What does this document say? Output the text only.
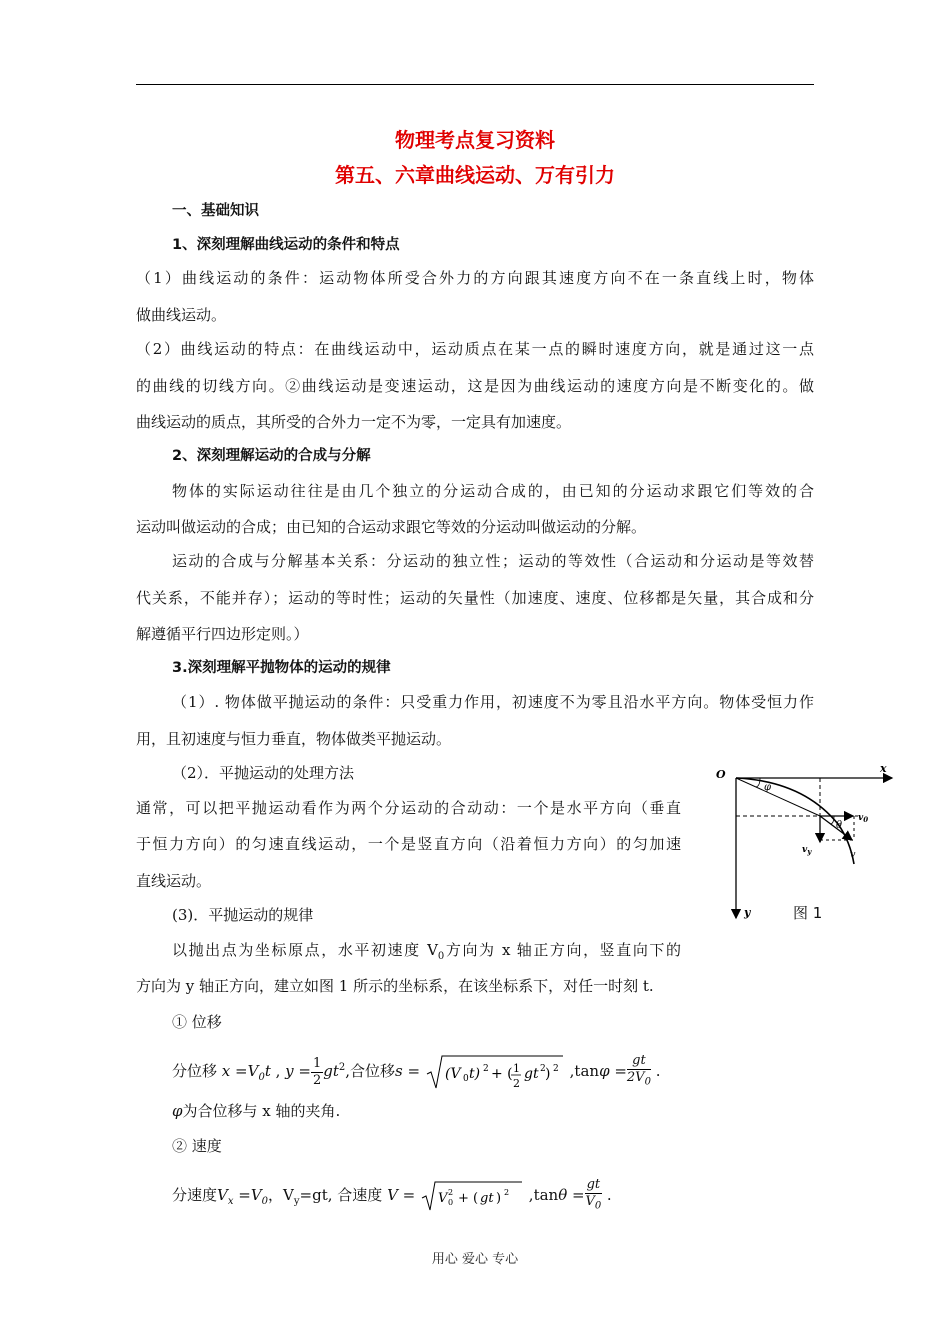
物理考点复习资料
第五、六章曲线运动、万有引力
一、基础知识
1、深刻理解曲线运动的条件和特点
（1）曲线运动的条件：运动物体所受合外力的方向跟其速度方向不在一条直线上时，物体
做曲线运动。
（2）曲线运动的特点：在曲线运动中，运动质点在某一点的瞬时速度方向，就是通过这一点
的曲线的切线方向。②曲线运动是变速运动，这是因为曲线运动的速度方向是不断变化的。做
曲线运动的质点，其所受的合外力一定不为零，一定具有加速度。
2、深刻理解运动的合成与分解
物体的实际运动往往是由几个独立的分运动合成的，由已知的分运动求跟它们等效的合
运动叫做运动的合成；由已知的合运动求跟它等效的分运动叫做运动的分解。
运动的合成与分解基本关系：分运动的独立性；运动的等效性（合运动和分运动是等效替
代关系，不能并存）；运动的等时性；运动的矢量性（加速度、速度、位移都是矢量，其合成和分
解遵循平行四边形定则。）
3.深刻理解平抛物体的运动的规律
（1）. 物体做平抛运动的条件：只受重力作用，初速度不为零且沿水平方向。物体受恒力作
用，且初速度与恒力垂直，物体做类平抛运动。
（2）．平抛运动的处理方法
通常，可以把平抛运动看作为两个分运动的合动动：一个是水平方向（垂直
于恒力方向）的匀速直线运动，一个是竖直方向（沿着恒力方向）的匀加速
直线运动。
(3)．平抛运动的规律
以抛出点为坐标原点，水平初速度 $V_0$方向为 x 轴正方向，竖直向下的
方向为 y 轴正方向，建立如图 1 所示的坐标系，在该坐标系下，对任一时刻 t.
① 位移
分位移 $x =V_0t$ , $y = \frac{1}{2} gt^2$,合位移s = (V 0 t) 2 + ( 1
2
gt 2 ) 2 $,\tan\varphi = \frac{gt}{2V_0}$ .
φ为合位移与 x 轴的夹角.
② 速度
分速度$V_x =V_0$，$V_y=gt$, 合速度 V = V 2
0 + ( gt ) 2 $,\tan\theta = \frac{gt}{V_0}$ .
O	x
y
φ
θ
$v_0$
$v_y$	v
图 1
用心 爱心 专心
